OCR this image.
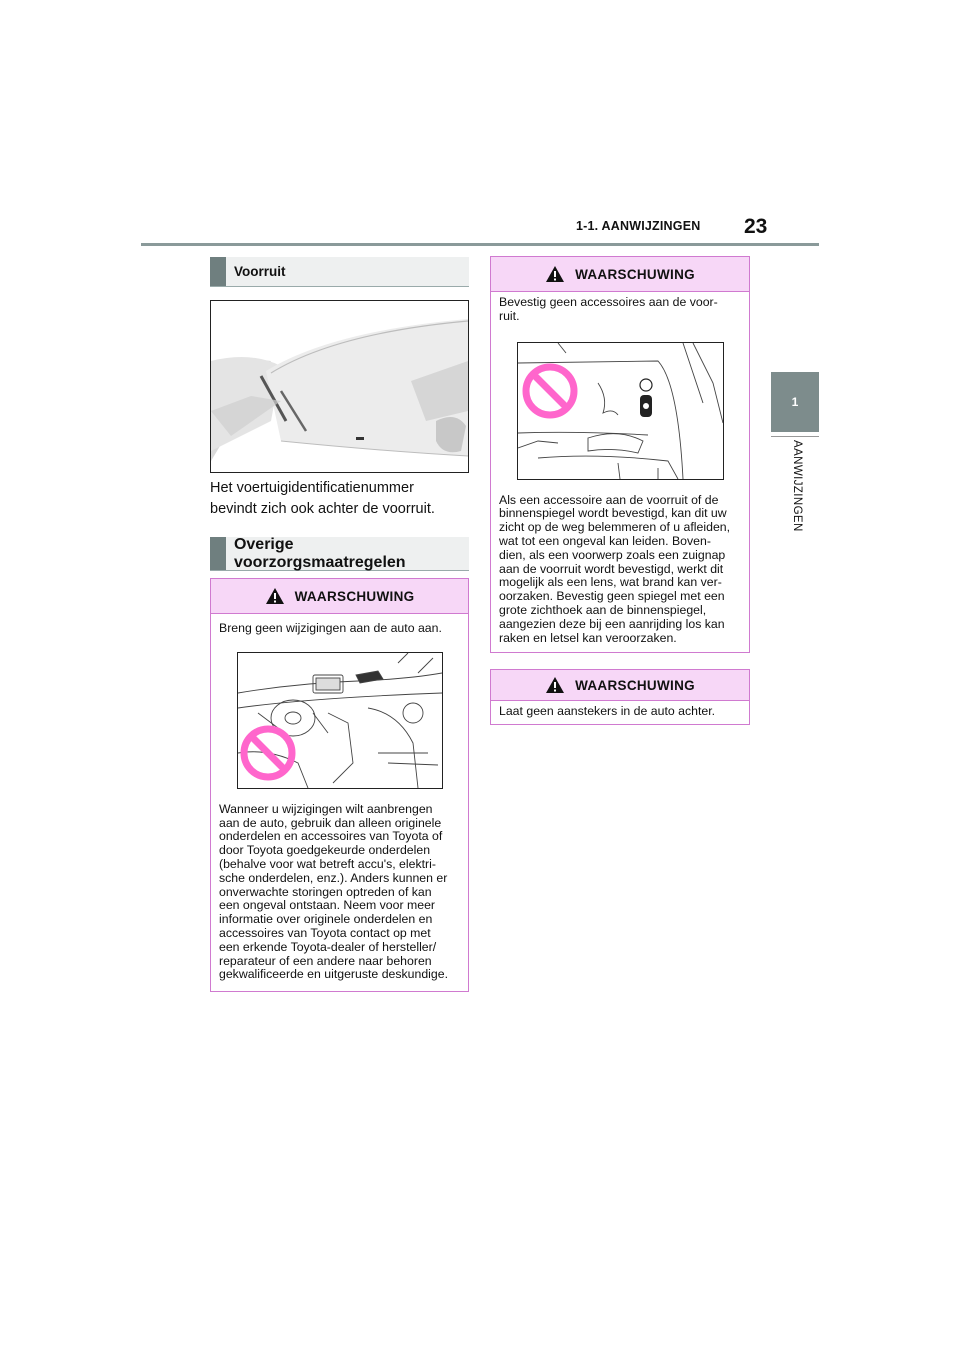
1-1. AANWIJZINGEN 23
1
AANWIJZINGEN
Voorruit
Het voertuigidentificatienummer
bevindt zich ook achter de voorruit.
Overige voorzorgsmaatregelen
WAARSCHUWING
Breng geen wijzigingen aan de auto aan.
Wanneer u wijzigingen wilt aanbrengen
aan de auto, gebruik dan alleen originele
onderdelen en accessoires van Toyota of
door Toyota goedgekeurde onderdelen
(behalve voor wat betreft accu's, elektri-
sche onderdelen, enz.). Anders kunnen er
onverwachte storingen optreden of kan
een ongeval ontstaan. Neem voor meer
informatie over originele onderdelen en
accessoires van Toyota contact op met
een erkende Toyota-dealer of hersteller/
reparateur of een andere naar behoren
gekwalificeerde en uitgeruste deskundige.
WAARSCHUWING
Bevestig geen accessoires aan de voor-
ruit.
Als een accessoire aan de voorruit of de
binnenspiegel wordt bevestigd, kan dit uw
zicht op de weg belemmeren of u afleiden,
wat tot een ongeval kan leiden. Boven-
dien, als een voorwerp zoals een zuignap
aan de voorruit wordt bevestigd, werkt dit
mogelijk als een lens, wat brand kan ver-
oorzaken. Bevestig geen spiegel met een
grote zichthoek aan de binnenspiegel,
aangezien deze bij een aanrijding los kan
raken en letsel kan veroorzaken.
WAARSCHUWING
Laat geen aanstekers in de auto achter.
